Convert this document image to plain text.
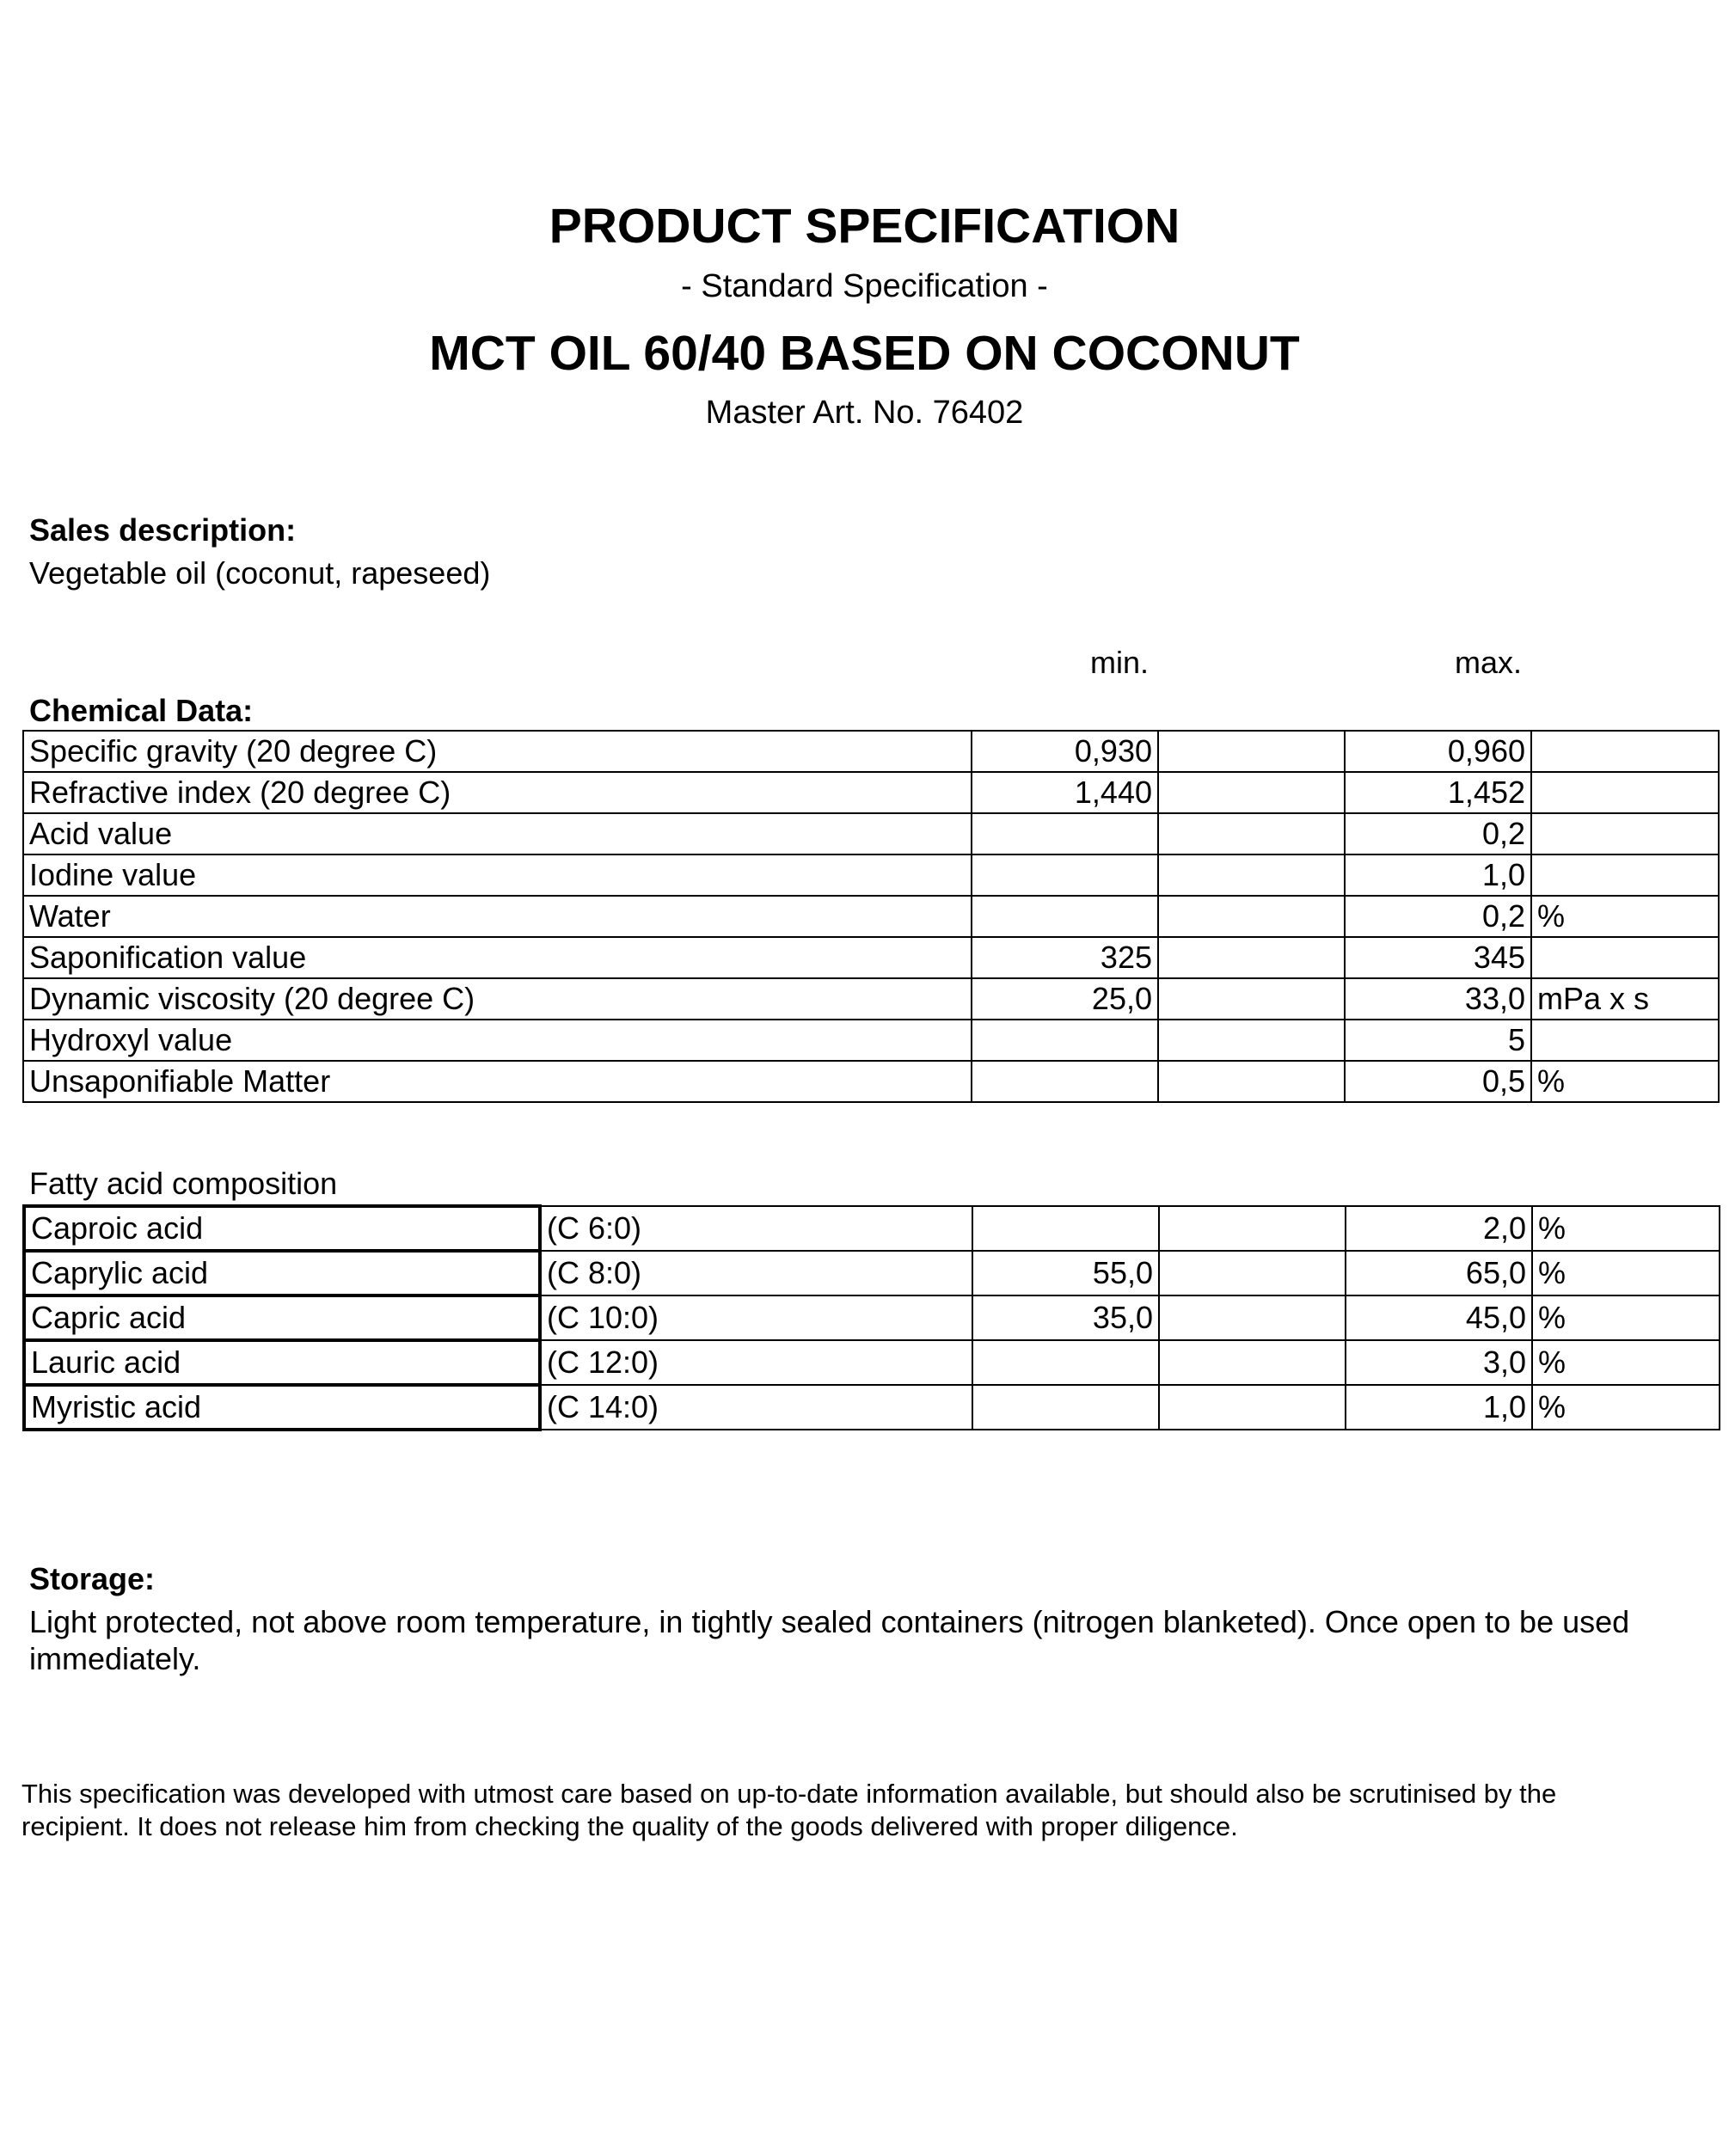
PRODUCT SPECIFICATION
- Standard Specification -
MCT OIL 60/40 BASED ON COCONUT
Master Art. No. 76402
Sales description:
Vegetable oil (coconut, rapeseed)
min.	max.
Chemical Data:
Specific gravity (20 degree C)	0,930		0,960	
Refractive index (20 degree C)	1,440		1,452	
Acid value			0,2	
Iodine value			1,0	
Water			0,2	%
Saponification value	325		345	
Dynamic viscosity (20 degree C)	25,0		33,0	mPa x s
Hydroxyl value			5	
Unsaponifiable Matter			0,5	%
Fatty acid composition
Caproic acid	(C 6:0)			2,0	%
Caprylic acid	(C 8:0)	55,0		65,0	%
Capric acid	(C 10:0)	35,0		45,0	%
Lauric acid	(C 12:0)			3,0	%
Myristic acid	(C 14:0)			1,0	%
Storage:
Light protected, not above room temperature, in tightly sealed containers (nitrogen blanketed). Once open to be used
immediately.
This specification was developed with utmost care based on up-to-date information available, but should also be scrutinised by the
recipient. It does not release him from checking the quality of the goods delivered with proper diligence.
